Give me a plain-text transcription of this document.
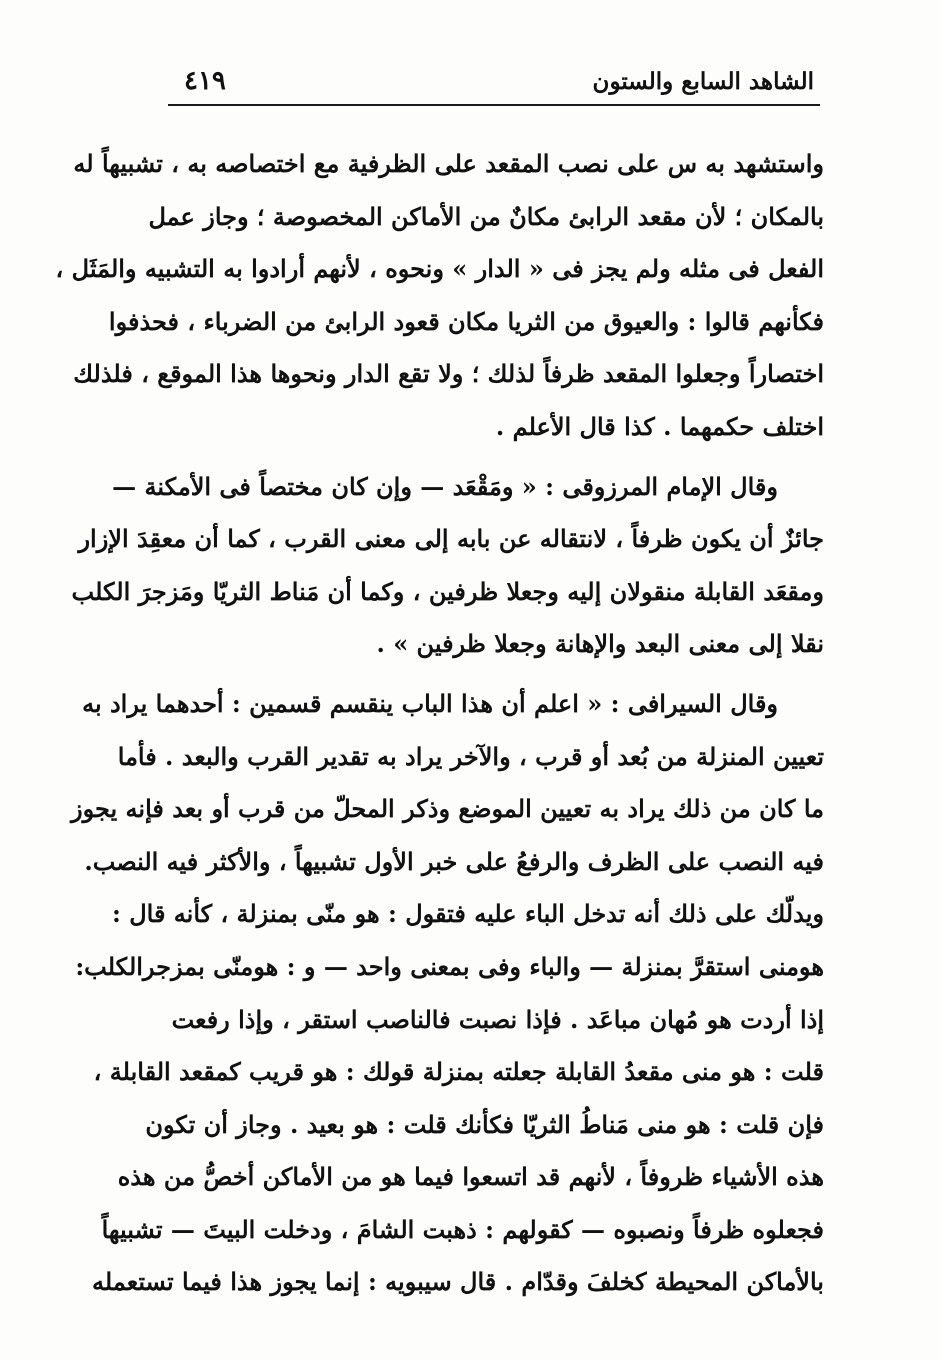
الشاهد السابع والستون
٤١٩
واستشهد به س على نصب المقعد على الظرفية مع اختصاصه به ، تشبيهاً له
بالمكان ؛ لأن مقعد الرابئ مكانٌ من الأماكن المخصوصة ؛ وجاز عمل
الفعل فى مثله ولم يجز فى « الدار » ونحوه ، لأنهم أرادوا به التشبيه والمَثَل ،
فكأنهم قالوا : والعيوق من الثريا مكان قعود الرابئ من الضرباء ، فحذفوا
اختصاراً وجعلوا المقعد ظرفاً لذلك ؛ ولا تقع الدار ونحوها هذا الموقع ، فلذلك
اختلف حكمهما . كذا قال الأعلم .
وقال الإمام المرزوقى : « ومَقْعَد — وإن كان مختصاً فى الأمكنة —
جائزٌ أن يكون ظرفاً ، لانتقاله عن بابه إلى معنى القرب ، كما أن معقِدَ الإزار
ومقعَد القابلة منقولان إليه وجعلا ظرفين ، وكما أن مَناط الثريّا ومَزجرَ الكلب
نقلا إلى معنى البعد والإهانة وجعلا ظرفين » .
وقال السيرافى : « اعلم أن هذا الباب ينقسم قسمين : أحدهما يراد به
تعيين المنزلة من بُعد أو قرب ، والآخر يراد به تقدير القرب والبعد . فأما
ما كان من ذلك يراد به تعيين الموضع وذكر المحلّ من قرب أو بعد فإنه يجوز
فيه النصب على الظرف والرفعُ على خبر الأول تشبيهاً ، والأكثر فيه النصب.
ويدلّك على ذلك أنه تدخل الباء عليه فتقول : هو منّى بمنزلة ، كأنه قال :
هومنى استقرَّ بمنزلة — والباء وفى بمعنى واحد — و : هومنّى بمزجرالكلب:
إذا أردت هو مُهان مباعَد . فإذا نصبت فالناصب استقر ، وإذا رفعت
قلت : هو منى مقعدُ القابلة جعلته بمنزلة قولك : هو قريب كمقعد القابلة ،
فإن قلت : هو منى مَناطُ الثريّا فكأنك قلت : هو بعيد . وجاز أن تكون
هذه الأشياء ظروفاً ، لأنهم قد اتسعوا فيما هو من الأماكن أخصُّ من هذه
فجعلوه ظرفاً ونصبوه — كقولهم : ذهبت الشامَ ، ودخلت البيتَ — تشبيهاً
بالأماكن المحيطة كخلفَ وقدّام . قال سيبويه : إنما يجوز هذا فيما تستعمله
